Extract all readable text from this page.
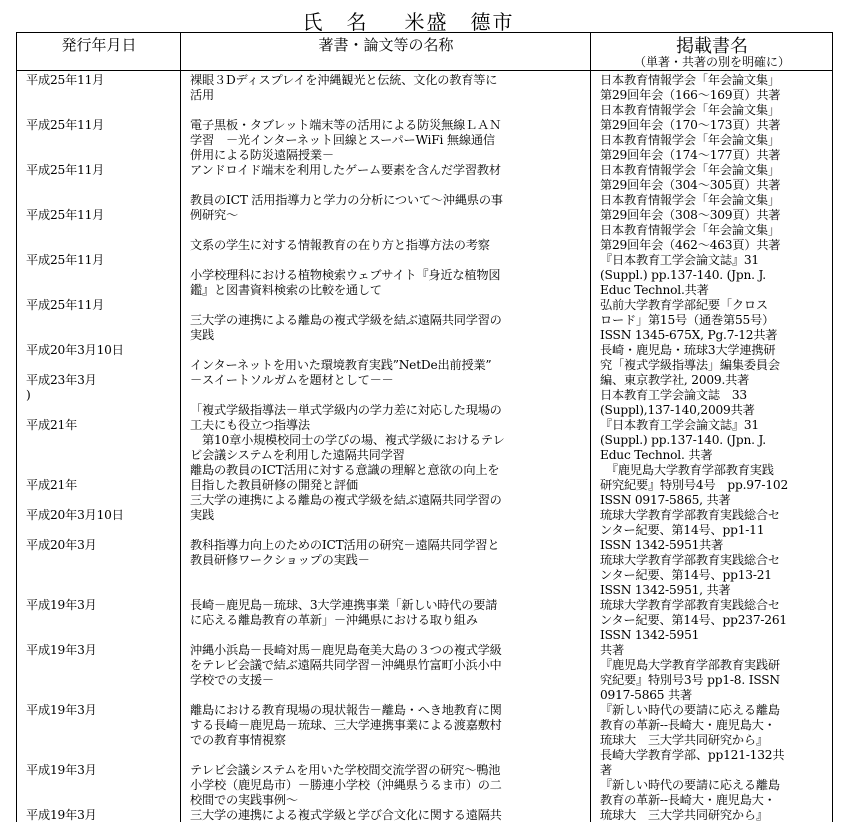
氏　名 米盛　德市
発行年月日	著書・論文等の名称	掲載書名
（単著・共著の別を明確に）
平成25年11月
平成25年11月
平成25年11月
平成25年11月
平成25年11月
平成25年11月
平成20年3月10日
平成23年3月
)
平成21年
平成21年
平成20年3月10日
平成20年3月
平成19年3月
平成19年3月
平成19年3月
平成19年3月
平成19年3月
裸眼３Dディスプレイを沖縄観光と伝統、文化の教育等に
活用
電子黒板・タブレット端末等の活用による防災無線ＬＡＮ
学習　－光インターネット回線とスーパーWiFi 無線通信
併用による防災遠隔授業－
アンドロイド端末を利用したゲーム要素を含んだ学習教材
教員のICT 活用指導力と学力の分析について～沖縄県の事
例研究～
文系の学生に対する情報教育の在り方と指導方法の考察
小学校理科における植物検索ウェブサイト『身近な植物図
鑑』と図書資料検索の比較を通して
三大学の連携による離島の複式学級を結ぶ遠隔共同学習の
実践
インターネットを用いた環境教育実践”NetDe出前授業”
－スイートソルガムを題材として－－
「複式学級指導法－単式学級内の学力差に対応した現場の
工夫にも役立つ指導法
　第10章小規模校同士の学びの場、複式学級におけるテレ
ビ会議システムを利用した遠隔共同学習
離島の教員のICT活用に対する意識の理解と意欲の向上を
目指した教員研修の開発と評価
三大学の連携による離島の複式学級を結ぶ遠隔共同学習の
実践
教科指導力向上のためのICT活用の研究－遠隔共同学習と
教員研修ワークショップの実践－
長崎－鹿児島－琉球、3大学連携事業「新しい時代の要請
に応える離島教育の革新」－沖縄県における取り組み
沖縄小浜島－長崎対馬－鹿児島奄美大島の３つの複式学級
をテレビ会議で結ぶ遠隔共同学習－沖縄県竹富町小浜小中
学校での支援－
離島における教育現場の現状報告－離島・へき地教育に関
する長崎－鹿児島－琉球、三大学連携事業による渡嘉敷村
での教育事情視察
テレビ会議システムを用いた学校間交流学習の研究～鴨池
小学校（鹿児島市）－勝連小学校（沖縄県うるま市）の二
校間での実践事例～
三大学の連携による複式学級と学び合文化に関する遠隔共
日本教育情報学会「年会論文集」
第29回年会（166～169頁）共著
日本教育情報学会「年会論文集」
第29回年会（170～173頁）共著
日本教育情報学会「年会論文集」
第29回年会（174～177頁）共著
日本教育情報学会「年会論文集」
第29回年会（304～305頁）共著
日本教育情報学会「年会論文集」
第29回年会（308～309頁）共著
日本教育情報学会「年会論文集」
第29回年会（462～463頁）共著
『日本教育工学会論文誌』31
(Suppl.) pp.137-140. (Jpn. J.
Educ Technol.共著
弘前大学教育学部紀要「クロス
ロード」第15号（通巻第55号）
ISSN 1345-675X, Pg.7-12共著
長崎・鹿児島・琉球3大学連携研
究「複式学級指導法」編集委員会
編、東京教学社, 2009.共著
日本教育工学会論文誌　33
(Suppl),137-140,2009共著
『日本教育工学会論文誌』31
(Suppl.) pp.137-140. (Jpn. J.
Educ Technol. 共著
　『鹿児島大学教育学部教育実践
研究紀要』特別号4号　pp.97-102
ISSN 0917-5865, 共著
琉球大学教育学部教育実践総合セ
ンター紀要、第14号、pp1-11
ISSN 1342-5951共著
琉球大学教育学部教育実践総合セ
ンター紀要、第14号、pp13-21
ISSN 1342-5951, 共著
琉球大学教育学部教育実践総合セ
ンター紀要、第14号、pp237-261
ISSN 1342-5951
共著
『鹿児島大学教育学部教育実践研
究紀要』特別号3号 pp1-8. ISSN
0917-5865 共著
『新しい時代の要請に応える離島
教育の革新--長崎大・鹿児島大・
琉球大　三大学共同研究から』
長崎大学教育学部、pp121-132共
著
『新しい時代の要請に応える離島
教育の革新--長崎大・鹿児島大・
琉球大　三大学共同研究から』
